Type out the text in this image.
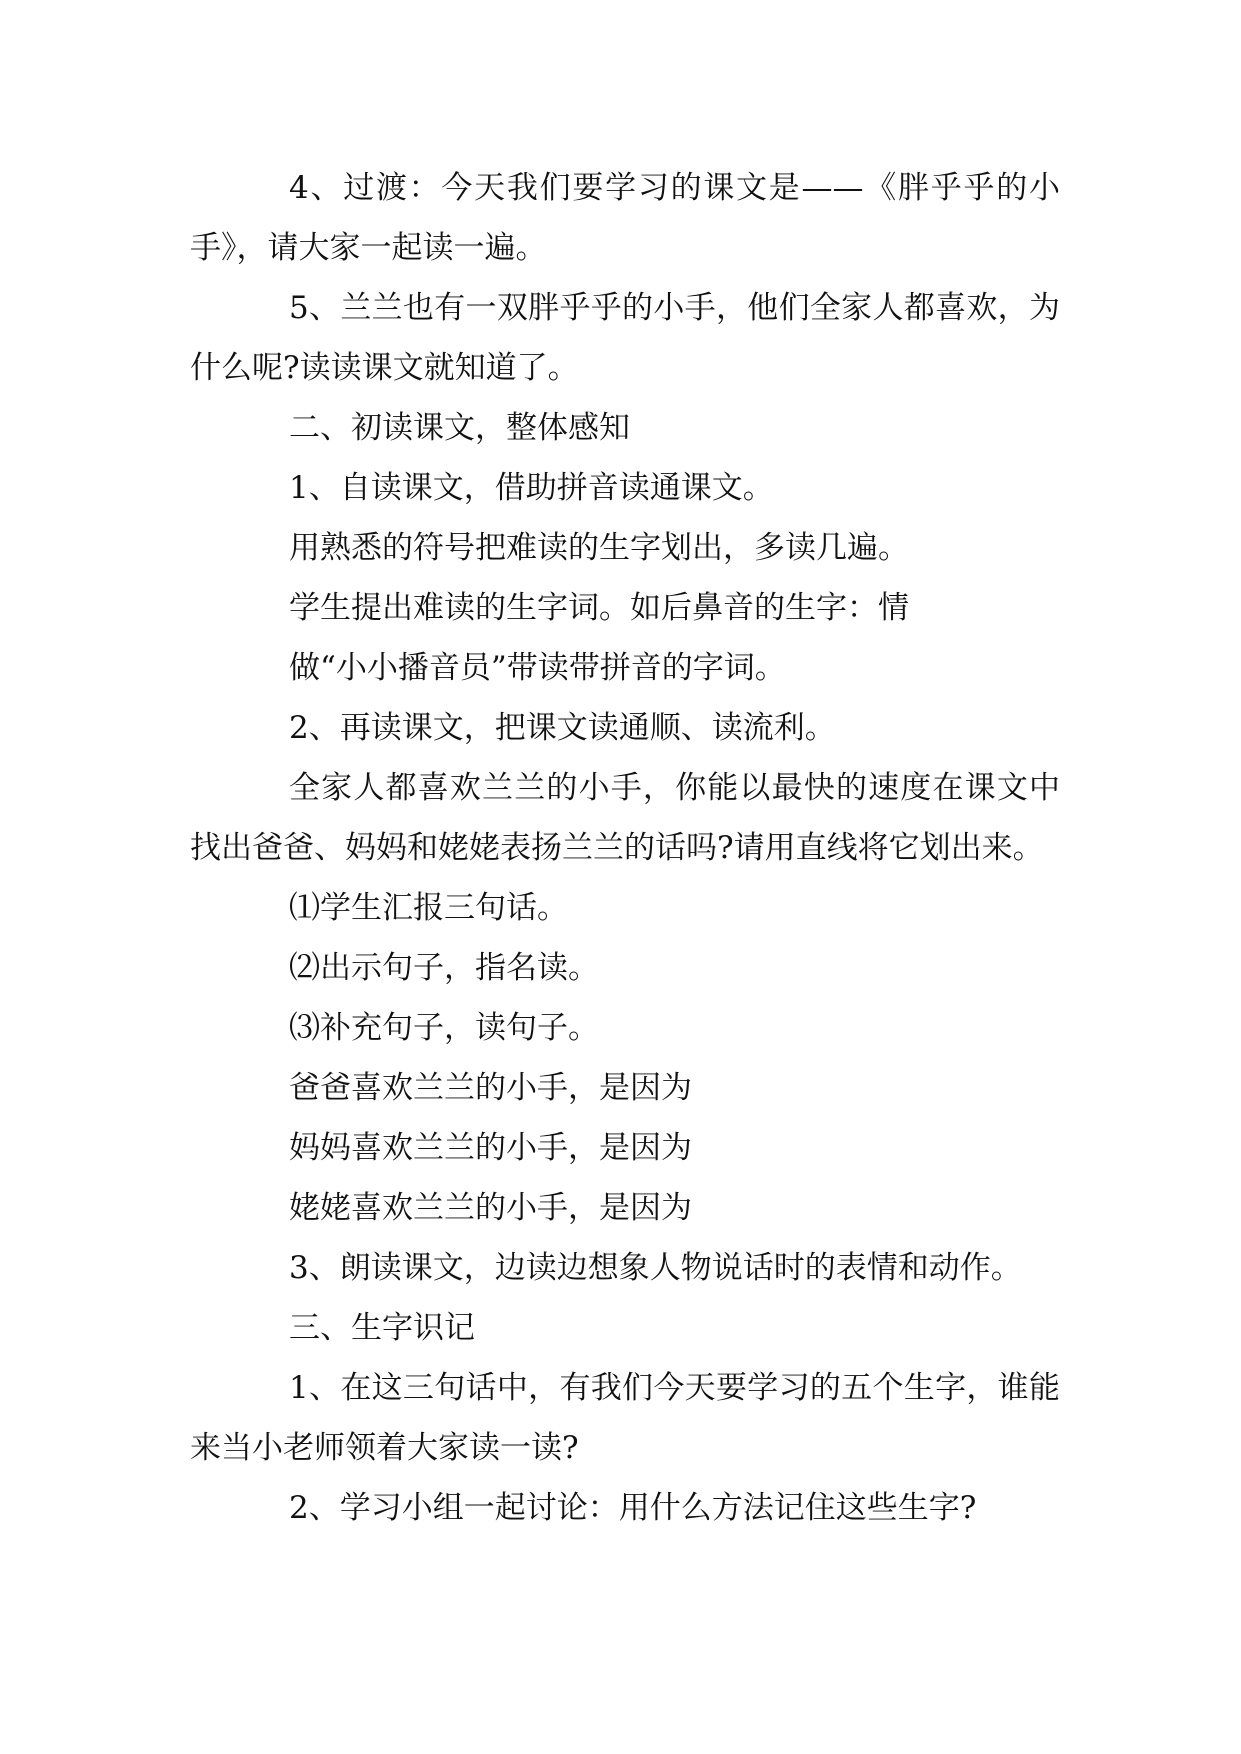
4、过渡：今天我们要学习的课文是——《胖乎乎的小手》，请大家一起读一遍。
5、兰兰也有一双胖乎乎的小手，他们全家人都喜欢，为什么呢?读读课文就知道了。
二、初读课文，整体感知
1、自读课文，借助拼音读通课文。
用熟悉的符号把难读的生字划出，多读几遍。
学生提出难读的生字词。如后鼻音的生字：情
做“小小播音员”带读带拼音的字词。
2、再读课文，把课文读通顺、读流利。
全家人都喜欢兰兰的小手，你能以最快的速度在课文中找出爸爸、妈妈和姥姥表扬兰兰的话吗?请用直线将它划出来。
⑴学生汇报三句话。
⑵出示句子，指名读。
⑶补充句子，读句子。
爸爸喜欢兰兰的小手，是因为
妈妈喜欢兰兰的小手，是因为
姥姥喜欢兰兰的小手，是因为
3、朗读课文，边读边想象人物说话时的表情和动作。
三、生字识记
1、在这三句话中，有我们今天要学习的五个生字，谁能来当小老师领着大家读一读?
2、学习小组一起讨论：用什么方法记住这些生字?
